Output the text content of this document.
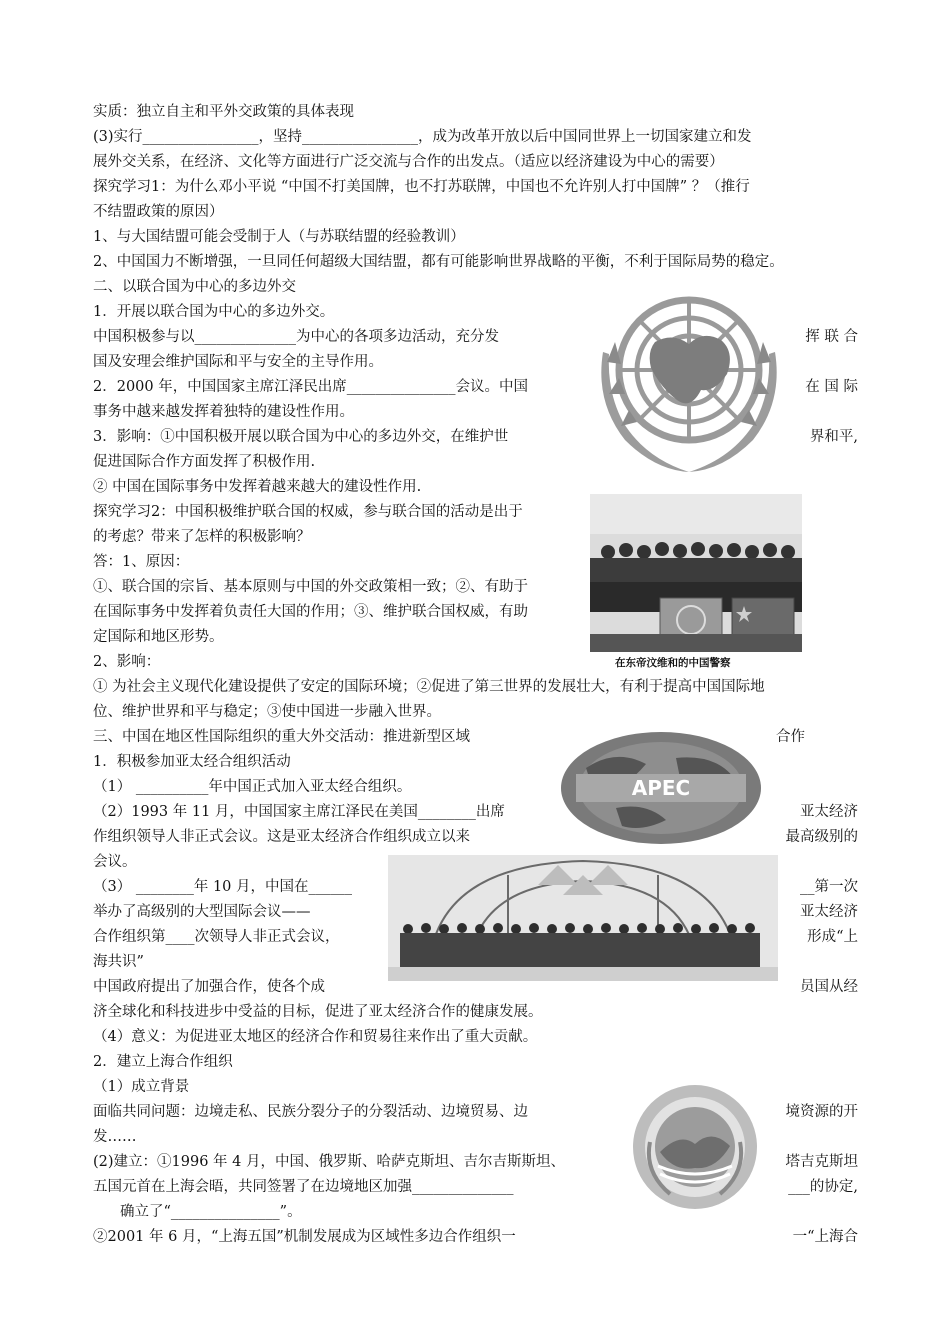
实质：独立自主和平外交政策的具体表现
(3)实行________________，坚持________________，成为改革开放以后中国同世界上一切国家建立和发
展外交关系，在经济、文化等方面进行广泛交流与合作的出发点。（适应以经济建设为中心的需要）
探究学习1：为什么邓小平说 “中国不打美国牌，也不打苏联牌，中国也不允许别人打中国牌” ？（推行
不结盟政策的原因）
1、与大国结盟可能会受制于人（与苏联结盟的经验教训）
2、中国国力不断增强，一旦同任何超级大国结盟，都有可能影响世界战略的平衡，不利于国际局势的稳定。
二、以联合国为中心的多边外交
1．开展以联合国为中心的多边外交。
中国积极参与以______________为中心的各项多边活动，充分发
国及安理会维护国际和平与安全的主导作用。
2．2000 年，中国国家主席江泽民出席_______________会议。中国
事务中越来越发挥着独特的建设性作用。
3．影响：①中国积极开展以联合国为中心的多边外交，在维护世
促进国际合作方面发挥了积极作用.
② 中国在国际事务中发挥着越来越大的建设性作用.
探究学习2：中国积极维护联合国的权威，参与联合国的活动是出于
的考虑？带来了怎样的积极影响？
答：1、原因：
①、联合国的宗旨、基本原则与中国的外交政策相一致；②、有助于
在国际事务中发挥着负责任大国的作用；③、维护联合国权威，有助
定国际和地区形势。
2、影响：
① 为社会主义现代化建设提供了安定的国际环境；②促进了第三世界的发展壮大，有利于提高中国国际地
位、维护世界和平与稳定；③使中国进一步融入世界。
三、中国在地区性国际组织的重大外交活动：推进新型区域
1．积极参加亚太经合组织活动
（1） __________年中国正式加入亚太经合组织。
（2）1993 年 11 月，中国国家主席江泽民在美国________出席
作组织领导人非正式会议。这是亚太经济合作组织成立以来
会议。
（3） ________年 10 月，中国在______
举办了高级别的大型国际会议——
合作组织第____次领导人非正式会议，
海共识”
中国政府提出了加强合作，使各个成
济全球化和科技进步中受益的目标，促进了亚太经济合作的健康发展。
（4）意义：为促进亚太地区的经济合作和贸易往来作出了重大贡献。
2．建立上海合作组织
（1）成立背景
面临共同问题：边境走私、民族分裂分子的分裂活动、边境贸易、边
发……
(2)建立：①1996 年 4 月，中国、俄罗斯、哈萨克斯坦、吉尔吉斯斯坦、
五国元首在上海会晤，共同签署了在边境地区加强______________
确立了“_______________”。
②2001 年 6 月，“上海五国”机制发展成为区域性多边合作组织一
挥 联 合
在 国 际
界和平,
合作
亚太经济
最高级别的
__第一次
亚太经济
形成“上
员国从经
境资源的开
塔吉克斯坦
___的协定,
一“上海合
在东帝汶维和的中国警察
APEC
